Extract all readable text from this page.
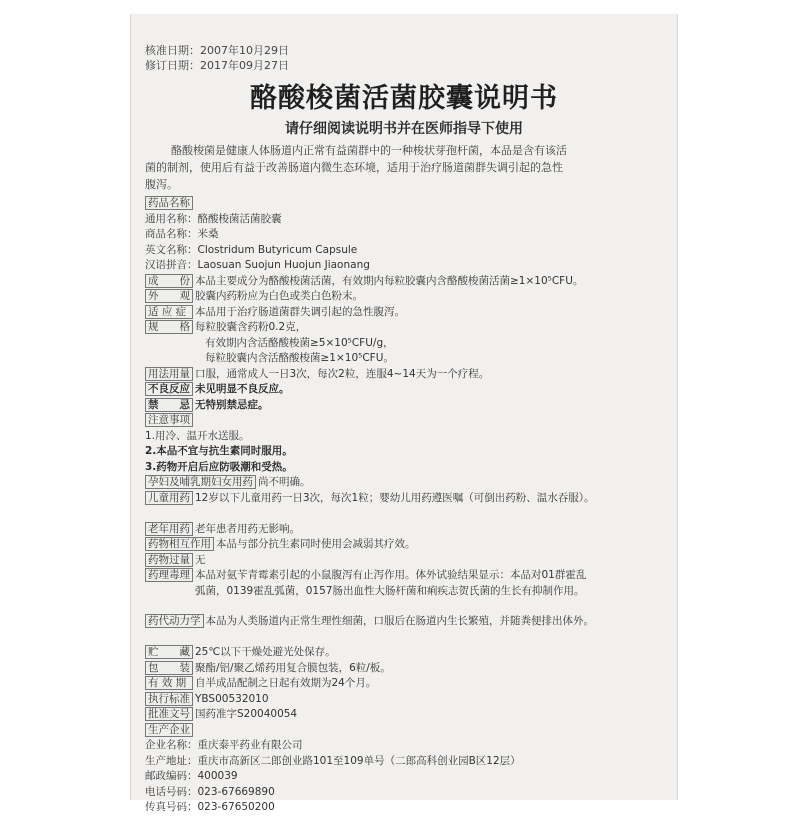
核准日期：2007年10月29日
修订日期：2017年09月27日
酪酸梭菌活菌胶囊说明书
请仔细阅读说明书并在医师指导下使用
酪酸梭菌是健康人体肠道内正常有益菌群中的一种梭状芽孢杆菌，本品是含有该活
菌的制剂，使用后有益于改善肠道内微生态环境，适用于治疗肠道菌群失调引起的急性
腹泻。
药品名称
通用名称：酪酸梭菌活菌胶囊
商品名称：米桑
英文名称：Clostridum Butyricum Capsule
汉语拼音：Laosuan Suojun Huojun Jiaonang
成　　份 本品主要成分为酪酸梭菌活菌，有效期内每粒胶囊内含酪酸梭菌活菌≥1×10⁵CFU。
外　　观 胶囊内药粉应为白色或类白色粉末。
适 应 症 本品用于治疗肠道菌群失调引起的急性腹泻。
规　　格 每粒胶囊含药粉0.2克，
有效期内含活酪酸梭菌≥5×10⁵CFU/g，
每粒胶囊内含活酪酸梭菌≥1×10⁵CFU。
用法用量 口服，通常成人一日3次，每次2粒，连服4~14天为一个疗程。
不良反应 未见明显不良反应。
禁　　忌 无特别禁忌症。
注意事项
1.用冷、温开水送服。
2.本品不宜与抗生素同时服用。
3.药物开启后应防吸潮和受热。
孕妇及哺乳期妇女用药 尚不明确。
儿童用药 12岁以下儿童用药一日3次，每次1粒；婴幼儿用药遵医嘱（可倒出药粉、温水吞服）。
老年用药 老年患者用药无影响。
药物相互作用 本品与部分抗生素同时使用会减弱其疗效。
药物过量 无
药理毒理 本品对氨苄青霉素引起的小鼠腹泻有止泻作用。体外试验结果显示：本品对01群霍乱弧菌，0139霍乱弧菌，0157肠出血性大肠杆菌和痢疾志贺氏菌的生长有抑制作用。
药代动力学 本品为人类肠道内正常生理性细菌，口服后在肠道内生长繁殖，并随粪便排出体外。
贮　　藏 25℃以下干燥处避光处保存。
包　　装 聚酯/铝/聚乙烯药用复合膜包装，6粒/板。
有 效 期 自半成品配制之日起有效期为24个月。
执行标准 YBS00532010
批准文号 国药准字S20040054
生产企业
企业名称：重庆泰平药业有限公司
生产地址：重庆市高新区二郎创业路101至109单号（二郎高科创业园B区12层）
邮政编码：400039
电话号码：023-67669890
传真号码：023-67650200
